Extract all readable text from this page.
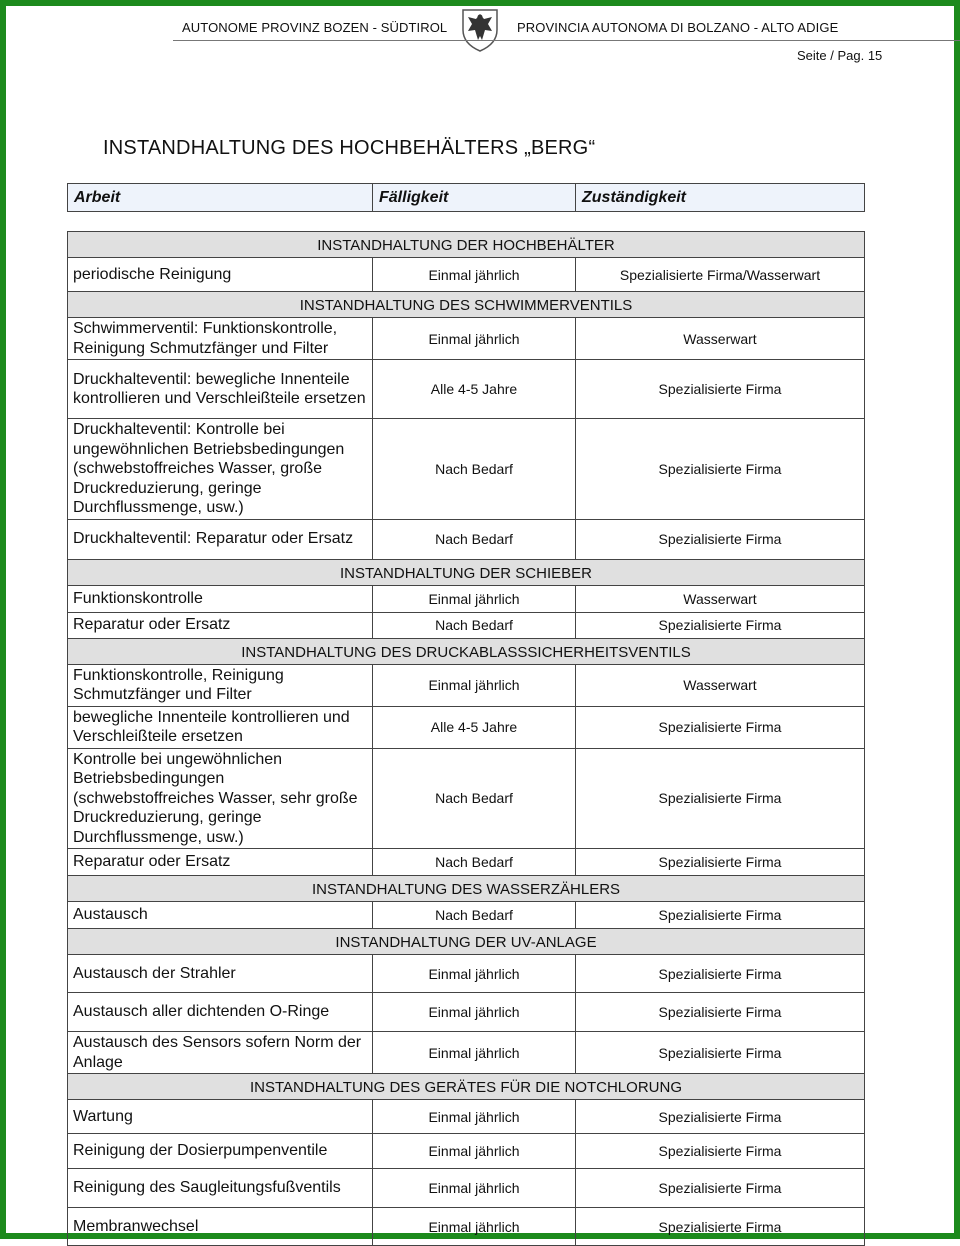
AUTONOME PROVINZ BOZEN - SÜDTIROL	PROVINCIA AUTONOMA DI BOLZANO - ALTO ADIGE
Seite / Pag. 15
INSTANDHALTUNG DES HOCHBEHÄLTERS „BERG“
Arbeit	Fälligkeit	Zuständigkeit
INSTANDHALTUNG DER HOCHBEHÄLTER		
periodische Reinigung	Einmal jährlich	Spezialisierte Firma/Wasserwart
INSTANDHALTUNG DES SCHWIMMERVENTILS		
Schwimmerventil: Funktionskontrolle, Reinigung Schmutzfänger und Filter	Einmal jährlich	Wasserwart
Druckhalteventil: bewegliche Innenteile kontrollieren und Verschleißteile ersetzen	Alle 4-5 Jahre	Spezialisierte Firma
Druckhalteventil: Kontrolle bei ungewöhnlichen Betriebsbedingungen (schwebstoffreiches Wasser, große Druckreduzierung, geringe Durchflussmenge, usw.)	Nach Bedarf	Spezialisierte Firma
Druckhalteventil: Reparatur oder Ersatz	Nach Bedarf	Spezialisierte Firma
INSTANDHALTUNG DER SCHIEBER		
Funktionskontrolle	Einmal jährlich	Wasserwart
Reparatur oder Ersatz	Nach Bedarf	Spezialisierte Firma
INSTANDHALTUNG DES DRUCKABLASSSICHERHEITSVENTILS		
Funktionskontrolle, Reinigung Schmutzfänger und Filter	Einmal jährlich	Wasserwart
bewegliche Innenteile kontrollieren und Verschleißteile ersetzen	Alle 4-5 Jahre	Spezialisierte Firma
Kontrolle bei ungewöhnlichen Betriebsbedingungen (schwebstoffreiches Wasser, sehr große Druckreduzierung, geringe Durchflussmenge, usw.)	Nach Bedarf	Spezialisierte Firma
Reparatur oder Ersatz	Nach Bedarf	Spezialisierte Firma
INSTANDHALTUNG DES WASSERZÄHLERS		
Austausch	Nach Bedarf	Spezialisierte Firma
INSTANDHALTUNG DER UV-ANLAGE		
Austausch der Strahler	Einmal jährlich	Spezialisierte Firma
Austausch aller dichtenden O-Ringe	Einmal jährlich	Spezialisierte Firma
Austausch des Sensors sofern Norm der Anlage	Einmal jährlich	Spezialisierte Firma
INSTANDHALTUNG DES GERÄTES FÜR DIE NOTCHLORUNG		
Wartung	Einmal jährlich	Spezialisierte Firma
Reinigung der Dosierpumpenventile	Einmal jährlich	Spezialisierte Firma
Reinigung des Saugleitungsfußventils	Einmal jährlich	Spezialisierte Firma
Membranwechsel	Einmal jährlich	Spezialisierte Firma
